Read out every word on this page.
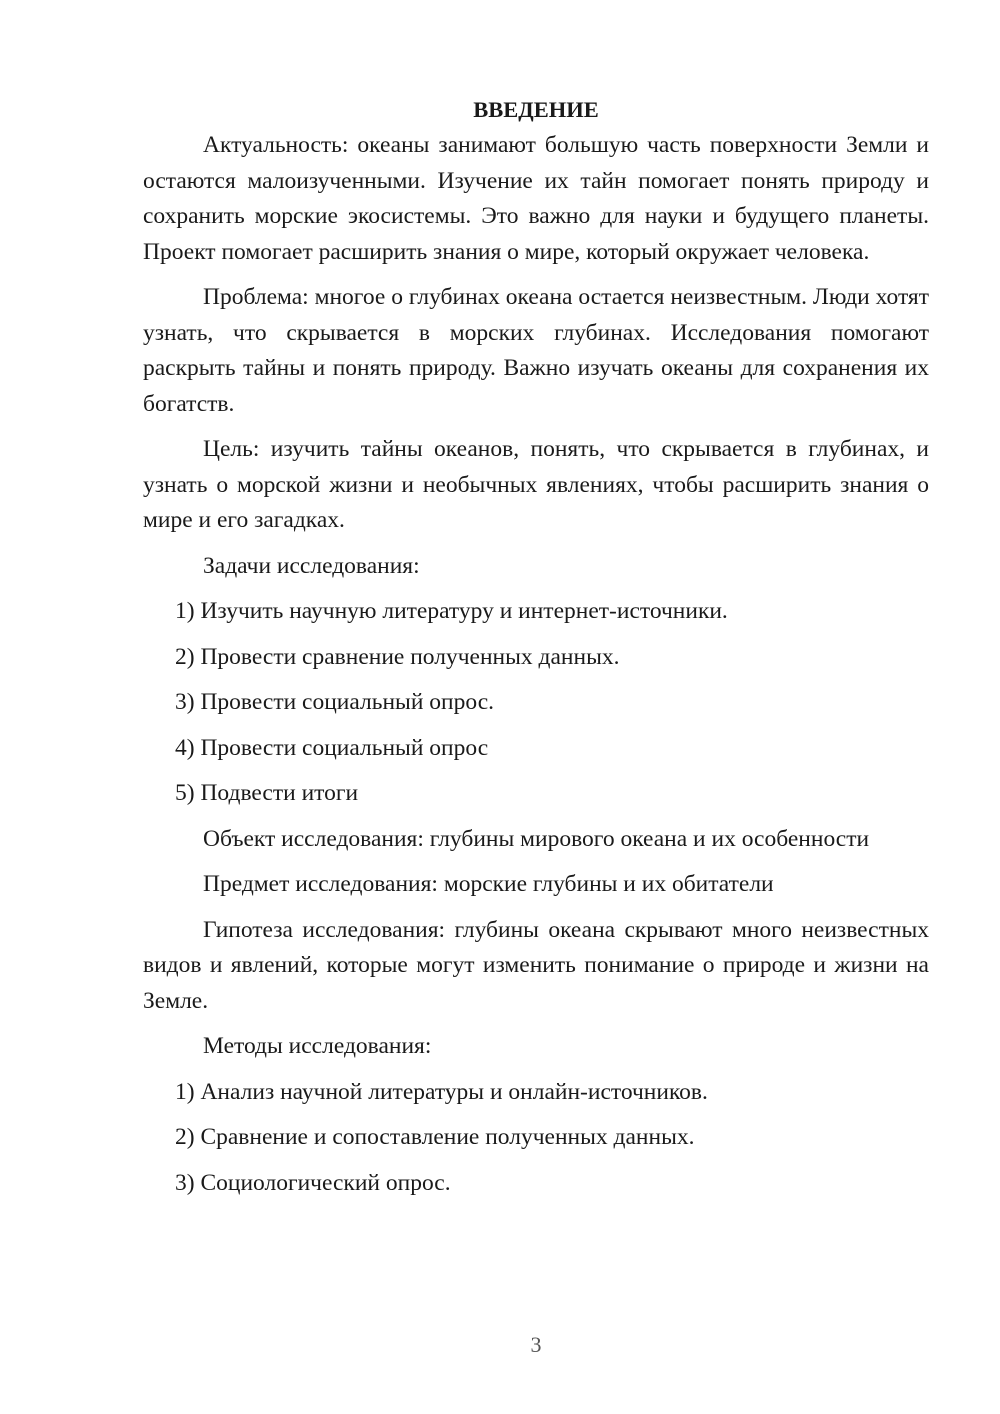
ВВЕДЕНИЕ

Актуальность: океаны занимают большую часть поверхности Земли и остаются малоизученными. Изучение их тайн помогает понять природу и сохранить морские экосистемы. Это важно для науки и будущего планеты. Проект помогает расширить знания о мире, который окружает человека.

Проблема: многое о глубинах океана остается неизвестным. Люди хотят узнать, что скрывается в морских глубинах. Исследования помогают раскрыть тайны и понять природу. Важно изучать океаны для сохранения их богатств.

Цель: изучить тайны океанов, понять, что скрывается в глубинах, и узнать о морской жизни и необычных явлениях, чтобы расширить знания о мире и его загадках.

Задачи исследования:

1) Изучить научную литературу и интернет-источники.

2) Провести сравнение полученных данных.

3) Провести социальный опрос.

4) Провести социальный опрос

5) Подвести итоги

Объект исследования: глубины мирового океана и их особенности

Предмет исследования: морские глубины и их обитатели

Гипотеза исследования: глубины океана скрывают много неизвестных видов и явлений, которые могут изменить понимание о природе и жизни на Земле.

Методы исследования:

1) Анализ научной литературы и онлайн-источников.

2) Сравнение и сопоставление полученных данных.

3) Социологический опрос.

3
